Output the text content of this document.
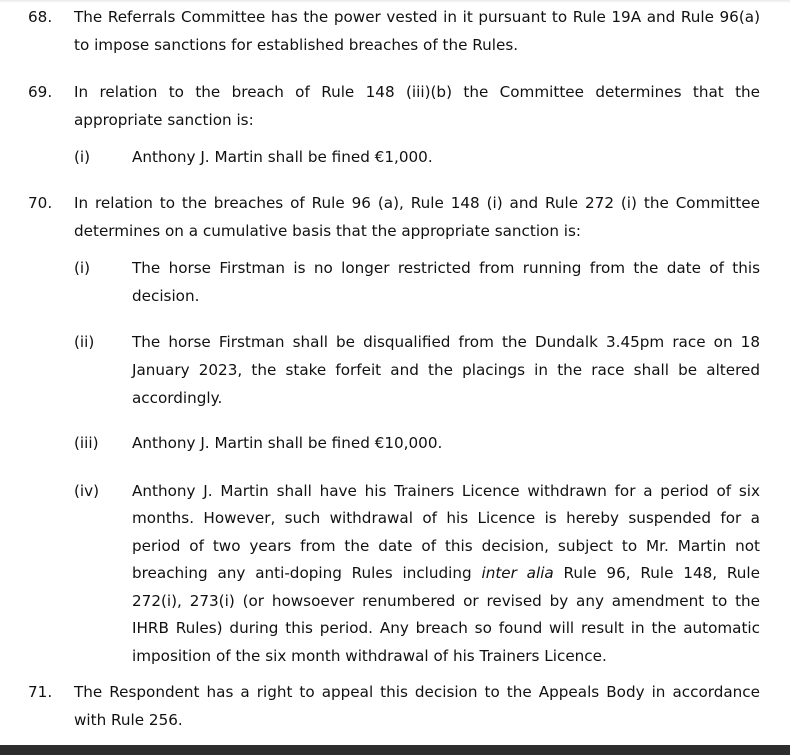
68. The Referrals Committee has the power vested in it pursuant to Rule 19A and Rule 96(a)

to impose sanctions for established breaches of the Rules.

69. In relation to the breach of Rule 148 (iii)(b) the Committee determines that the

appropriate sanction is:

(i)	Anthony J. Martin shall be fined €1,000.

70. In relation to the breaches of Rule 96 (a), Rule 148 (i) and Rule 272 (i) the Committee

determines on a cumulative basis that the appropriate sanction is:

(i)	The horse Firstman is no longer restricted from running from the date of this

decision.

(ii) The horse Firstman shall be disqualified from the Dundalk 3.45pm race on 18

January 2023, the stake forfeit and the placings in the race shall be altered

accordingly.

(iii) Anthony J. Martin shall be fined €10,000.

(iv) Anthony J. Martin shall have his Trainers Licence withdrawn for a period of six

months. However, such withdrawal of his Licence is hereby suspended for a

period of two years from the date of this decision, subject to Mr. Martin not

breaching any anti-doping Rules including inter alia Rule 96, Rule 148, Rule

272(i), 273(i) (or howsoever renumbered or revised by any amendment to the

IHRB Rules) during this period. Any breach so found will result in the automatic

imposition of the six month withdrawal of his Trainers Licence.

71. The Respondent has a right to appeal this decision to the Appeals Body in accordance

with Rule 256.
